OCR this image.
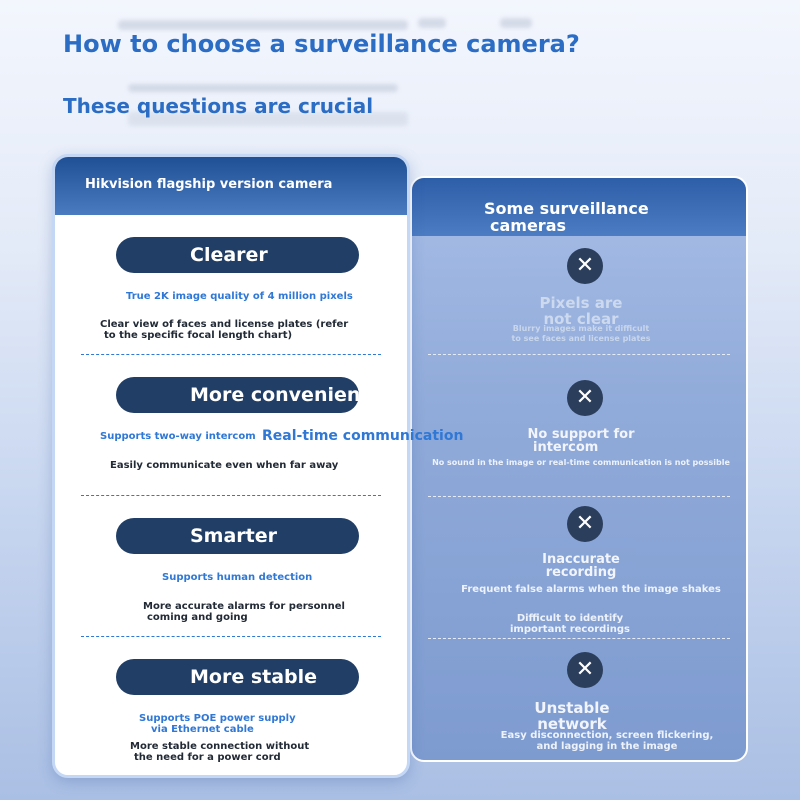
How to choose a surveillance camera?
These questions are crucial
Some surveillance
cameras
✕
Pixels are
not clear
Blurry images make it difficult
to see faces and license plates
✕
No support for
intercom
No sound in the image or real-time communication is not possible
✕
Inaccurate
recording
Frequent false alarms when the image shakes
Difficult to identify
important recordings
✕
Unstable
network
Easy disconnection, screen flickering,
and lagging in the image
Hikvision flagship version camera
Clearer
True 2K image quality of 4 million pixels
Clear view of faces and license plates (refer
to the specific focal length chart)
More convenient
Supports two-way intercom
Easily communicate even when far away
Smarter
Supports human detection
More accurate alarms for personnel
coming and going
More stable
Supports POE power supply
via Ethernet cable
More stable connection without
the need for a power cord
Real-time communication
